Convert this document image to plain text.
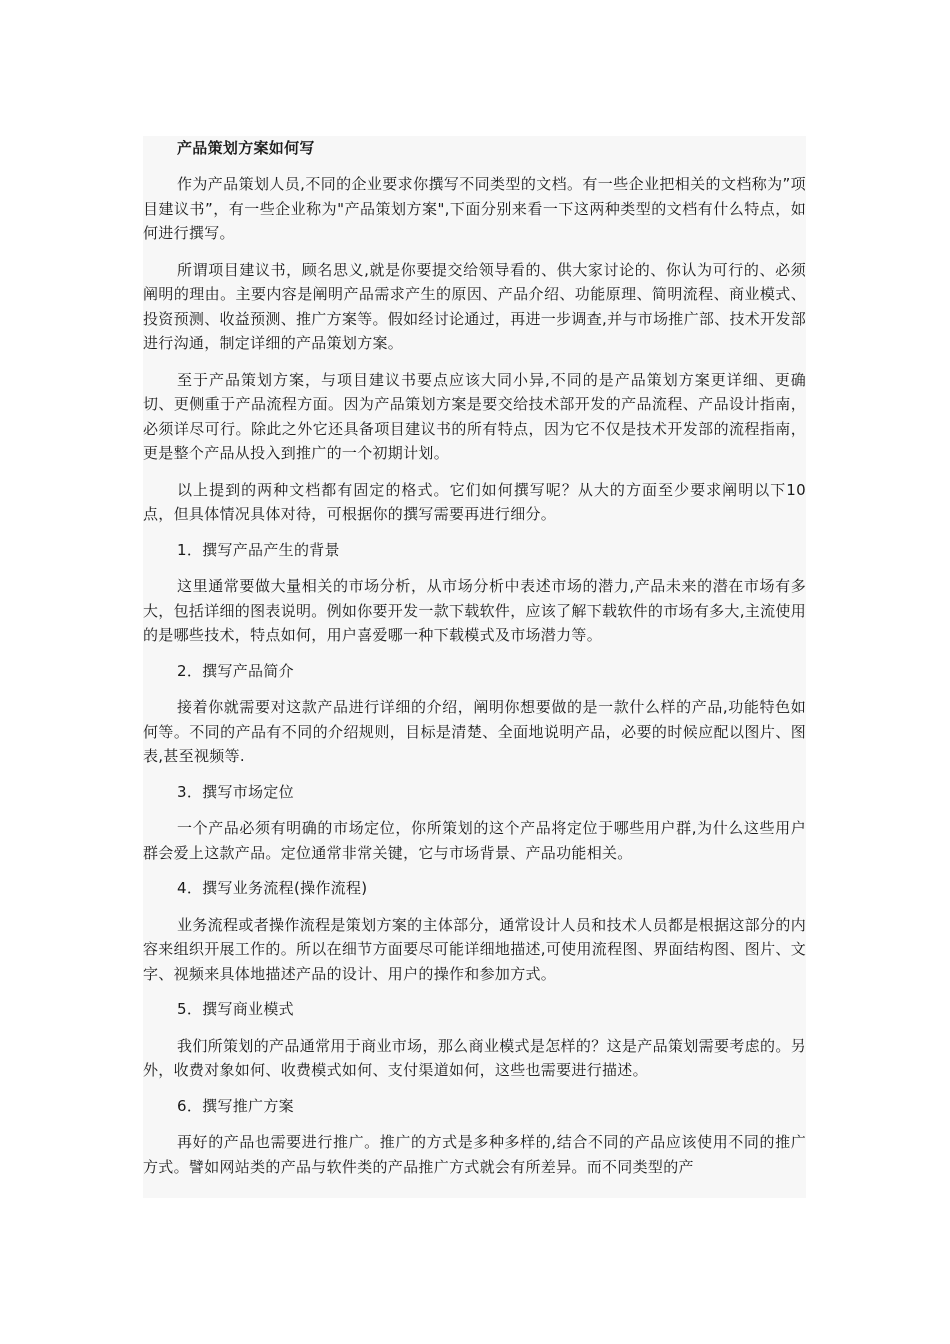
产品策划方案如何写

作为产品策划人员,不同的企业要求你撰写不同类型的文档。有一些企业把相关的文档称为”项目建议书”，有一些企业称为"产品策划方案",下面分别来看一下这两种类型的文档有什么特点，如何进行撰写。

所谓项目建议书，顾名思义,就是你要提交给领导看的、供大家讨论的、你认为可行的、必须阐明的理由。主要内容是阐明产品需求产生的原因、产品介绍、功能原理、简明流程、商业模式、投资预测、收益预测、推广方案等。假如经讨论通过，再进一步调查,并与市场推广部、技术开发部进行沟通，制定详细的产品策划方案。

至于产品策划方案，与项目建议书要点应该大同小异,不同的是产品策划方案更详细、更确切、更侧重于产品流程方面。因为产品策划方案是要交给技术部开发的产品流程、产品设计指南，必须详尽可行。除此之外它还具备项目建议书的所有特点，因为它不仅是技术开发部的流程指南，更是整个产品从投入到推广的一个初期计划。

以上提到的两种文档都有固定的格式。它们如何撰写呢？从大的方面至少要求阐明以下10点，但具体情况具体对待，可根据你的撰写需要再进行细分。

1．撰写产品产生的背景

这里通常要做大量相关的市场分析，从市场分析中表述市场的潜力,产品未来的潜在市场有多大，包括详细的图表说明。例如你要开发一款下载软件，应该了解下载软件的市场有多大,主流使用的是哪些技术，特点如何，用户喜爱哪一种下载模式及市场潜力等。

2．撰写产品简介

接着你就需要对这款产品进行详细的介绍，阐明你想要做的是一款什么样的产品,功能特色如何等。不同的产品有不同的介绍规则，目标是清楚、全面地说明产品，必要的时候应配以图片、图表,甚至视频等.

3．撰写市场定位

一个产品必须有明确的市场定位，你所策划的这个产品将定位于哪些用户群,为什么这些用户群会爱上这款产品。定位通常非常关键，它与市场背景、产品功能相关。

4．撰写业务流程(操作流程)

业务流程或者操作流程是策划方案的主体部分，通常设计人员和技术人员都是根据这部分的内容来组织开展工作的。所以在细节方面要尽可能详细地描述,可使用流程图、界面结构图、图片、文字、视频来具体地描述产品的设计、用户的操作和参加方式。

5．撰写商业模式

我们所策划的产品通常用于商业市场，那么商业模式是怎样的？这是产品策划需要考虑的。另外，收费对象如何、收费模式如何、支付渠道如何，这些也需要进行描述。

6．撰写推广方案

再好的产品也需要进行推广。推广的方式是多种多样的,结合不同的产品应该使用不同的推广方式。譬如网站类的产品与软件类的产品推广方式就会有所差异。而不同类型的产
